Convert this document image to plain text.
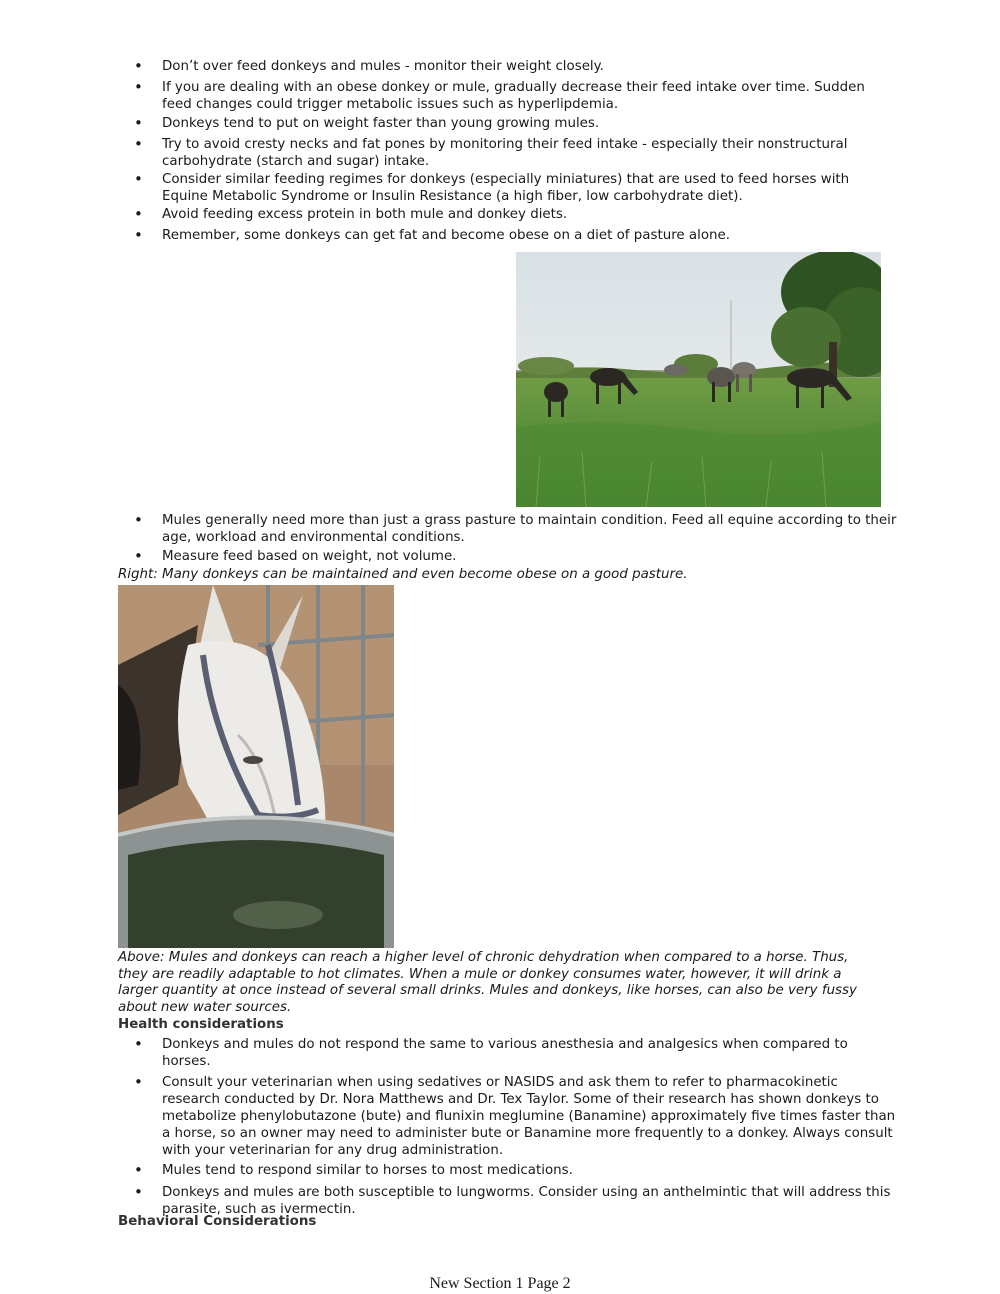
• Don’t over feed donkeys and mules - monitor their weight closely.
• If you are dealing with an obese donkey or mule, gradually decrease their feed intake over time. Sudden feed changes could trigger metabolic issues such as hyperlipdemia.
• Donkeys tend to put on weight faster than young growing mules.
• Try to avoid cresty necks and fat pones by monitoring their feed intake - especially their nonstructural carbohydrate (starch and sugar) intake.
• Consider similar feeding regimes for donkeys (especially miniatures) that are used to feed horses with Equine Metabolic Syndrome or Insulin Resistance (a high fiber, low carbohydrate diet).
• Avoid feeding excess protein in both mule and donkey diets.
• Remember, some donkeys can get fat and become obese on a diet of pasture alone.
• Mules generally need more than just a grass pasture to maintain condition. Feed all equine according to their age, workload and environmental conditions.
• Measure feed based on weight, not volume.
Right: Many donkeys can be maintained and even become obese on a good pasture.
Above: Mules and donkeys can reach a higher level of chronic dehydration when compared to a horse. Thus, they are readily adaptable to hot climates. When a mule or donkey consumes water, however, it will drink a larger quantity at once instead of several small drinks. Mules and donkeys, like horses, can also be very fussy about new water sources.
Health considerations
• Donkeys and mules do not respond the same to various anesthesia and analgesics when compared to horses.
• Consult your veterinarian when using sedatives or NASIDS and ask them to refer to pharmacokinetic research conducted by Dr. Nora Matthews and Dr. Tex Taylor. Some of their research has shown donkeys to metabolize phenylobutazone (bute) and flunixin meglumine (Banamine) approximately five times faster than a horse, so an owner may need to administer bute or Banamine more frequently to a donkey. Always consult with your veterinarian for any drug administration.
• Mules tend to respond similar to horses to most medications.
• Donkeys and mules are both susceptible to lungworms. Consider using an anthelmintic that will address this parasite, such as ivermectin.
Behavioral Considerations
New Section 1 Page 2
